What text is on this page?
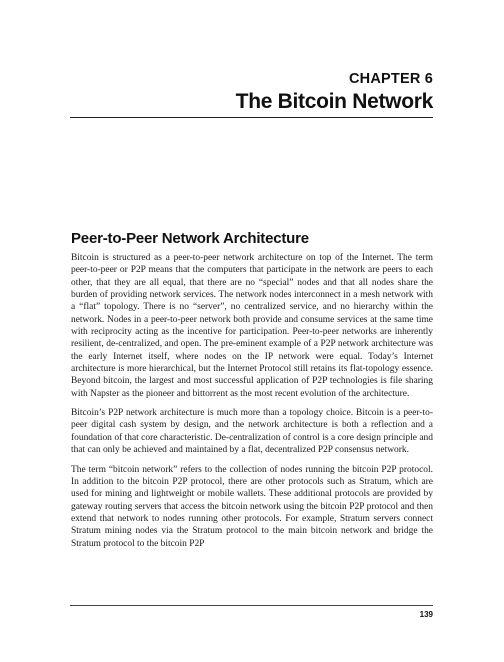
CHAPTER 6
The Bitcoin Network
Peer-to-Peer Network Architecture

Bitcoin is structured as a peer-to-peer network architecture on top of the Internet. The term peer-to-peer or P2P means that the computers that participate in the network are peers to each other, that they are all equal, that there are no “special” nodes and that all nodes share the burden of providing network services. The network nodes interconnect in a mesh network with a “flat” topology. There is no “server”, no centralized service, and no hierarchy within the network. Nodes in a peer-to-peer network both provide and consume services at the same time with reciprocity acting as the incentive for participation. Peer-to-peer networks are inherently resilient, de-centralized, and open. The pre-eminent example of a P2P network architecture was the early Internet itself, where nodes on the IP network were equal. Today’s Internet architecture is more hierarchical, but the Internet Protocol still retains its flat-topology essence. Beyond bitcoin, the largest and most successful application of P2P technologies is file sharing with Napster as the pioneer and bittorrent as the most recent evolution of the architecture.

Bitcoin’s P2P network architecture is much more than a topology choice. Bitcoin is a peer-to-peer digital cash system by design, and the network architecture is both a reflection and a foundation of that core characteristic. De-centralization of control is a core design principle and that can only be achieved and maintained by a flat, decentralized P2P consensus network.

The term “bitcoin network” refers to the collection of nodes running the bitcoin P2P protocol. In addition to the bitcoin P2P protocol, there are other protocols such as Stratum, which are used for mining and lightweight or mobile wallets. These additional protocols are provided by gateway routing servers that access the bitcoin network using the bitcoin P2P protocol and then extend that network to nodes running other protocols. For example, Stratum servers connect Stratum mining nodes via the Stratum protocol to the main bitcoin network and bridge the Stratum protocol to the bitcoin P2P

139
